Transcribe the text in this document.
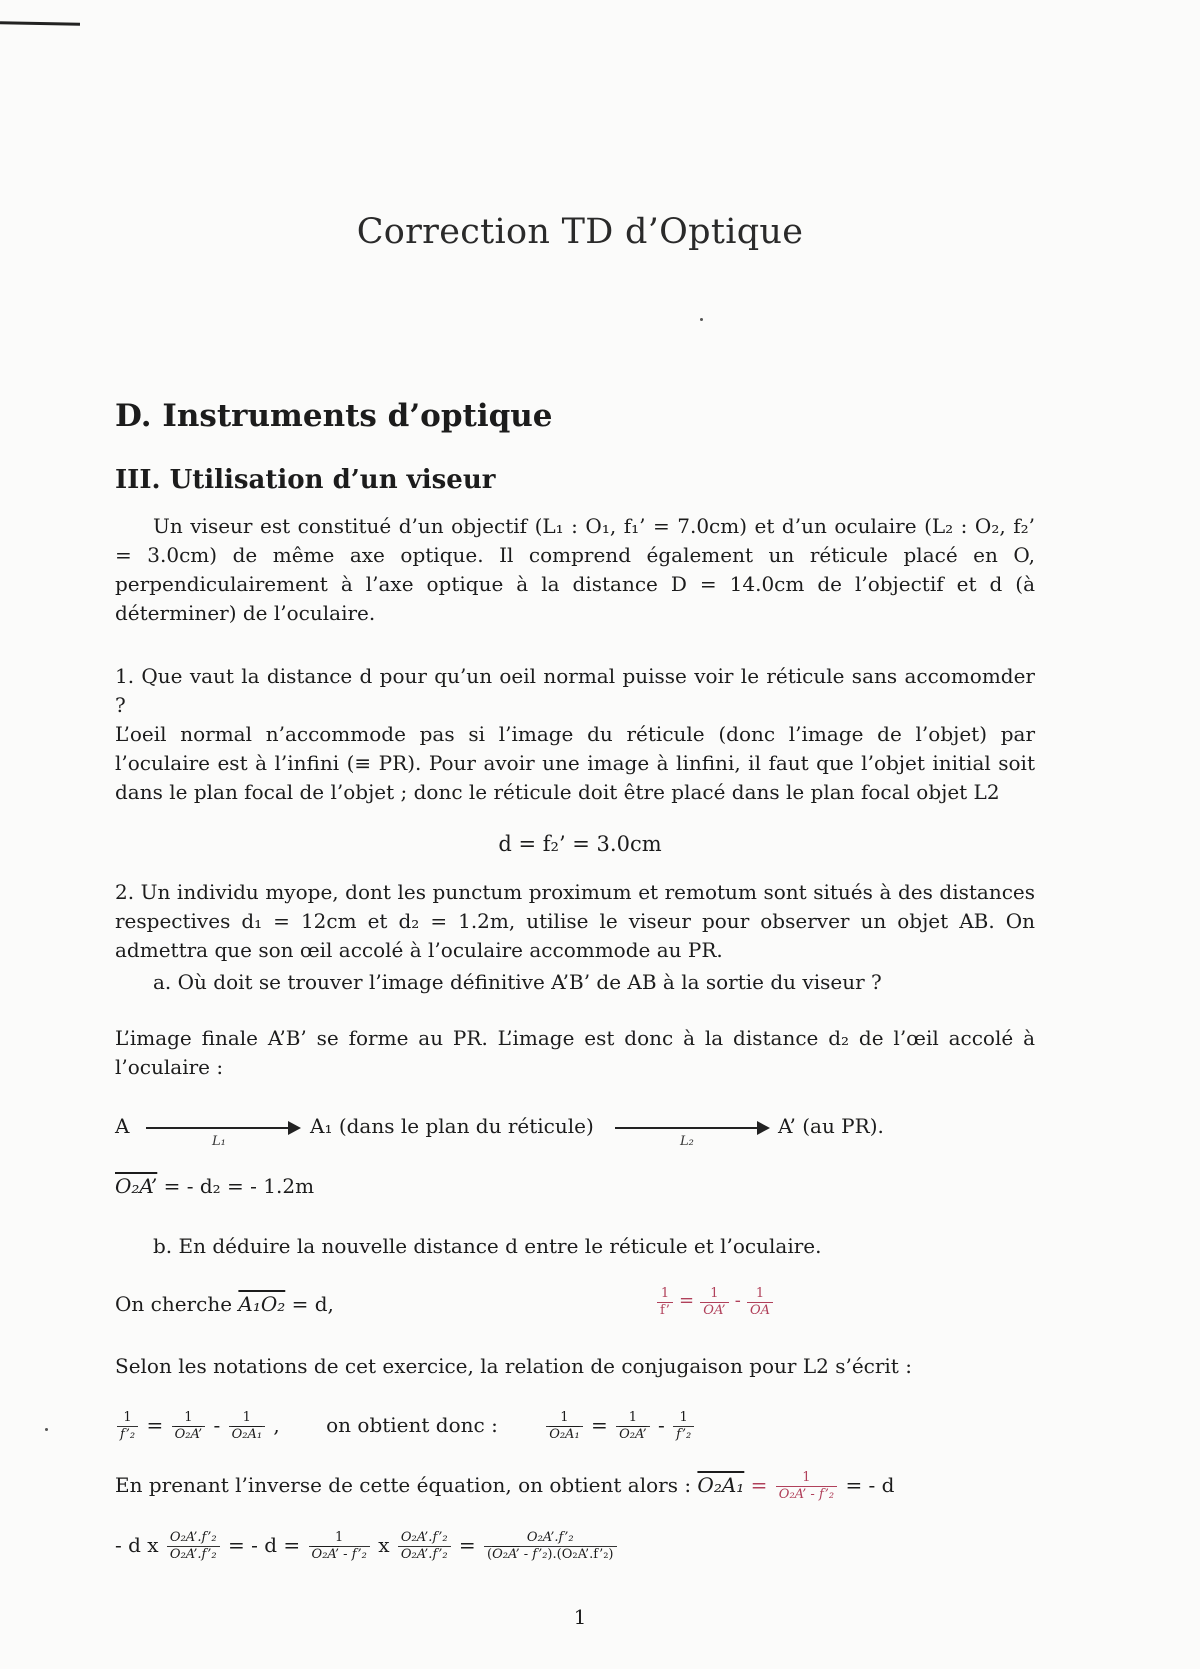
Correction TD d’Optique
D. Instruments d’optique
III. Utilisation d’un viseur

Un viseur est constitué d’un objectif (L₁ : O₁, f₁’ = 7.0cm) et d’un oculaire (L₂ : O₂, f₂’ = 3.0cm) de même axe optique. Il comprend également un réticule placé en O, perpendiculairement à l’axe optique à la distance D = 14.0cm de l’objectif et d (à déterminer) de l’oculaire.

1. Que vaut la distance d pour qu’un oeil normal puisse voir le réticule sans accomomder ?

L’oeil normal n’accommode pas si l’image du réticule (donc l’image de l’objet) par l’oculaire est à l’infini (≡ PR). Pour avoir une image à linfini, il faut que l’objet initial soit dans le plan focal de l’objet ; donc le réticule doit être placé dans le plan focal objet L2

d = f₂’ = 3.0cm

2. Un individu myope, dont les punctum proximum et remotum sont situés à des distances respectives d₁ = 12cm et d₂ = 1.2m, utilise le viseur pour observer un objet AB. On admettra que son œil accolé à l’oculaire accommode au PR.

a. Où doit se trouver l’image définitive A’B’ de AB à la sortie du viseur ?

L’image finale A’B’ se forme au PR. L’image est donc à la distance d₂ de l’œil accolé à l’oculaire :

A
L₁
A₁ (dans le plan du réticule)
L₂
A’ (au PR).
O₂A’ = - d₂ = - 1.2m

b. En déduire la nouvelle distance d entre le réticule et l’oculaire.

On cherche A₁O₂ = d,	$\frac{1}{f’} = \frac{1}{OA’} - \frac{1}{OA}$

Selon les notations de cet exercice, la relation de conjugaison pour L2 s’écrit :

$\frac{1}{\text{f’₂}} = \frac{1}{\text{O₂A’}} - \frac{1}{\text{O₂A₁}}$ , on obtient donc :	$\frac{1}{\text{O₂A₁}} = \frac{1}{\text{O₂A’}} - \frac{1}{\text{f’₂}}$
En prenant l’inverse de cette équation, on obtient alors : $O_2A_1 = \frac{1}{\text{O₂A’ - f’₂}}$ = - d
- d x $\frac{\text{O₂A’.f’₂}}{\text{O₂A’.f’₂}}$ = - $d = \frac{1}{\text{O₂A’ - f’₂}}$ x $\frac{\text{O₂A’.f’₂}}{\text{O₂A’.f’₂}} = \frac{\text{O₂A’.f’₂}}{\text{(O₂A’ - f’₂).(O₂A’.f’₂)}}$
1
